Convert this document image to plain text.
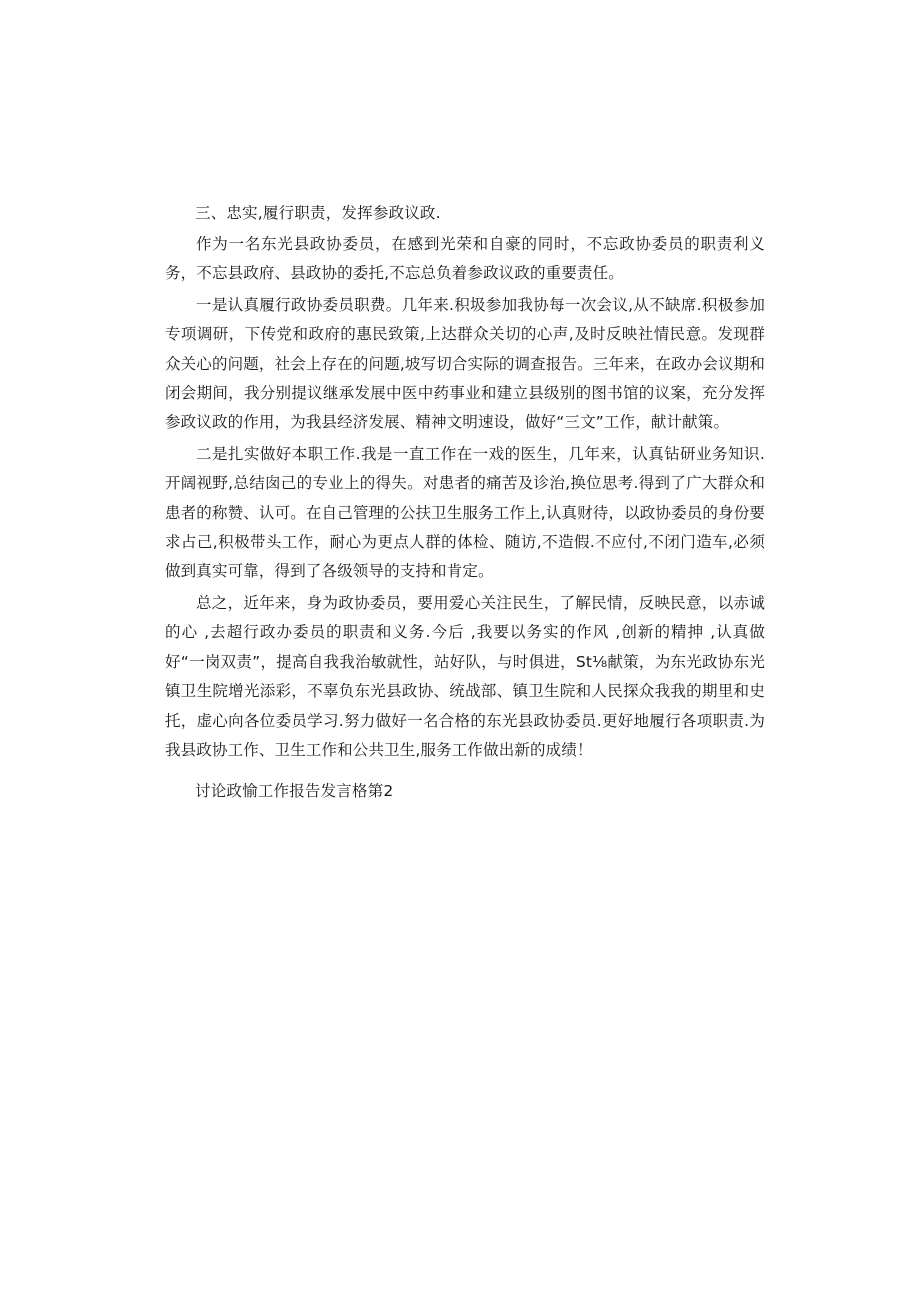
三、忠实,履行职责，发挥参政议政.

作为一名东光县政协委员，在感到光荣和自豪的同时，不忘政协委员的职责利义务，不忘县政府、县政协的委托,不忘总负着参政议政的重要责任。

一是认真履行政协委员职费。几年来.积圾参加我协每一次会议,从不缺席.积极参加专项调研，下传党和政府的惠民致策,上达群众关切的心声,及时反映社情民意。发现群众关心的问题，社会上存在的问题,坡写切合实际的调查报告。三年来，在政办会议期和闭会期间，我分别提议继承发展中医中药事业和建立县级别的图书馆的议案，充分发挥参政议政的作用，为我县经济发展、精神文明速设，做好“三文”工作，献计献策。

二是扎实做好本职工作.我是一直工作在一戏的医生，几年来，认真钻研业务知识.开阔视野,总结囱己的专业上的得失。对患者的痛苦及诊治,换位思考.得到了广大群众和患者的称赞、认可。在自己管理的公扶卫生服务工作上,认真财待，以政协委员的身份要求占己,积极带头工作，耐心为更点人群的体检、随访,不造假.不应付,不闭门造车,必须做到真实可靠，得到了各级领导的支持和肯定。

总之，近年来，身为政协委员，要用爱心关注民生，了解民情，反映民意，以赤诚的心 ,去超行政办委员的职责和义务.今后 ,我要以务实的作风 ,创新的精抻 ,认真做好“一岗双责”，提高自我我治敏就性，站好队，与时俱进，St⅛献策，为东光政协东光镇卫生院增光添彩，不辜负东光县政协、统战部、镇卫生院和人民探众我我的期里和史托，虚心向各位委员学习.努力做好一名合格的东光县政协委员.更好地履行各项职责.为我县政协工作、卫生工作和公共卫生,服务工作做出新的成绩！

讨论政愉工作报告发言格第2
